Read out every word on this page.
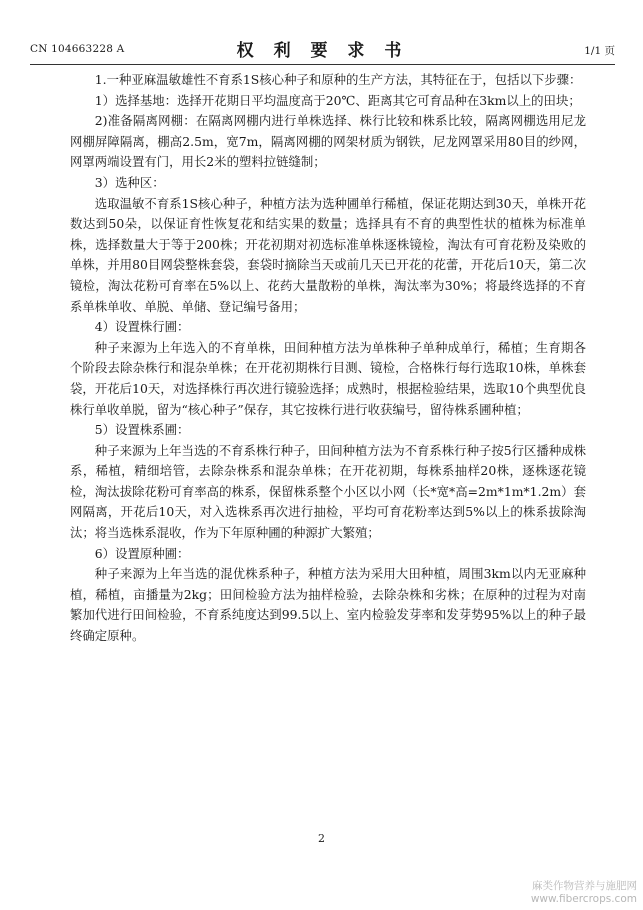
CN 104663228 A	权 利 要 求 书	1/1 页

1.一种亚麻温敏雄性不育系1S核心种子和原种的生产方法，其特征在于，包括以下步骤：

1）选择基地：选择开花期日平均温度高于20℃、距离其它可育品种在3km以上的田块；

2)准备隔离网棚：在隔离网棚内进行单株选择、株行比较和株系比较，隔离网棚选用尼龙网棚屏障隔离，棚高2.5m，宽7m，隔离网棚的网架材质为钢铁，尼龙网罩采用80目的纱网，网罩两端设置有门，用长2米的塑料拉链缝制；

3）选种区：

选取温敏不育系1S核心种子，种植方法为选种圃单行稀植，保证花期达到30天，单株开花数达到50朵，以保证育性恢复花和结实果的数量；选择具有不育的典型性状的植株为标准单株，选择数量大于等于200株；开花初期对初选标准单株逐株镜检，淘汰有可育花粉及染败的单株，并用80目网袋整株套袋，套袋时摘除当天或前几天已开花的花蕾，开花后10天，第二次镜检，淘汰花粉可育率在5%以上、花药大量散粉的单株，淘汰率为30%；将最终选择的不育系单株单收、单脱、单储、登记编号备用；

4）设置株行圃：

种子来源为上年选入的不育单株，田间种植方法为单株种子单种成单行，稀植；生育期各个阶段去除杂株行和混杂单株；在开花初期株行目测、镜检，合格株行每行选取10株，单株套袋，开花后10天，对选择株行再次进行镜验选择；成熟时，根据检验结果，选取10个典型优良株行单收单脱，留为“核心种子”保存，其它按株行进行收获编号，留待株系圃种植；

5）设置株系圃：

种子来源为上年当选的不育系株行种子，田间种植方法为不育系株行种子按5行区播种成株系，稀植，精细培管，去除杂株系和混杂单株；在开花初期，每株系抽样20株，逐株逐花镜检，淘汰拔除花粉可育率高的株系，保留株系整个小区以小网（长*宽*高=2m*1m*1.2m）套网隔离，开花后10天，对入选株系再次进行抽检，平均可育花粉率达到5%以上的株系拔除淘汰；将当选株系混收，作为下年原种圃的种源扩大繁殖；

6）设置原种圃：

种子来源为上年当选的混优株系种子，种植方法为采用大田种植，周围3km以内无亚麻种植，稀植，亩播量为2kg；田间检验方法为抽样检验，去除杂株和劣株；在原种的过程为对南繁加代进行田间检验，不育系纯度达到99.5以上、室内检验发芽率和发芽势95%以上的种子最终确定原种。

2
麻类作物营养与施肥网
www.fibercrops.com
